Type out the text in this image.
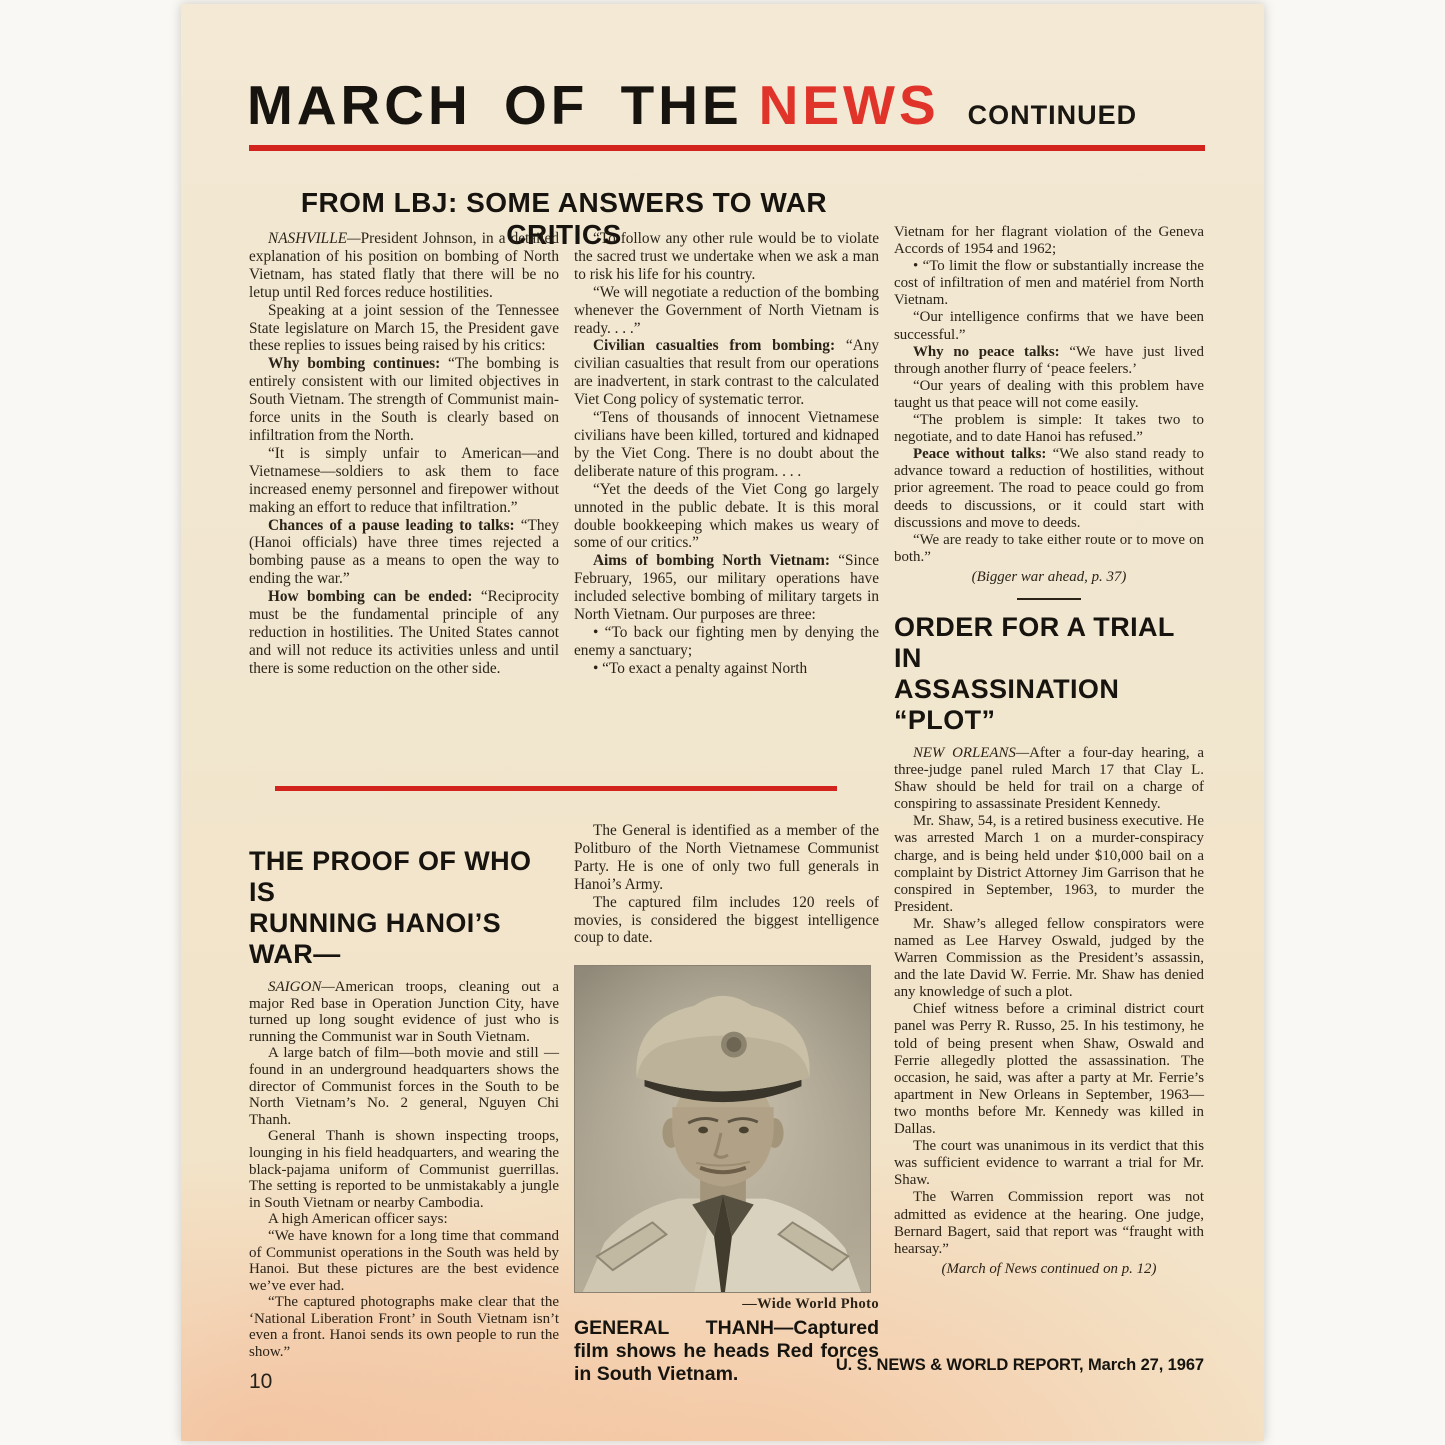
MARCH OF THE NEWS CONTINUED
FROM LBJ: SOME ANSWERS TO WAR CRITICS

NASHVILLE—President Johnson, in a detailed explanation of his position on bombing of North Vietnam, has stated flatly that there will be no letup until Red forces reduce hostilities.

Speaking at a joint session of the Tennessee State legislature on March 15, the President gave these replies to issues being raised by his critics:

Why bombing continues: “The bombing is entirely consistent with our limited objectives in South Vietnam. The strength of Communist main-force units in the South is clearly based on infiltration from the North.

“It is simply unfair to American—and Vietnamese—soldiers to ask them to face increased enemy personnel and firepower without making an effort to reduce that infiltration.”

Chances of a pause leading to talks: “They (Hanoi officials) have three times rejected a bombing pause as a means to open the way to ending the war.”

How bombing can be ended: “Reciprocity must be the fundamental principle of any reduction in hostilities. The United States cannot and will not reduce its activities unless and until there is some reduction on the other side.

“To follow any other rule would be to violate the sacred trust we undertake when we ask a man to risk his life for his country.

“We will negotiate a reduction of the bombing whenever the Government of North Vietnam is ready. . . .”

Civilian casualties from bombing: “Any civilian casualties that result from our operations are inadvertent, in stark contrast to the calculated Viet Cong policy of systematic terror.

“Tens of thousands of innocent Vietnamese civilians have been killed, tortured and kidnaped by the Viet Cong. There is no doubt about the deliberate nature of this program. . . .

“Yet the deeds of the Viet Cong go largely unnoted in the public debate. It is this moral double bookkeeping which makes us weary of some of our critics.”

Aims of bombing North Vietnam: “Since February, 1965, our military operations have included selective bombing of military targets in North Vietnam. Our purposes are three:

• “To back our fighting men by denying the enemy a sanctuary;

• “To exact a penalty against North

Vietnam for her flagrant violation of the Geneva Accords of 1954 and 1962;

• “To limit the flow or substantially increase the cost of infiltration of men and matériel from North Vietnam.

“Our intelligence confirms that we have been successful.”

Why no peace talks: “We have just lived through another flurry of ‘peace feelers.’

“Our years of dealing with this problem have taught us that peace will not come easily.

“The problem is simple: It takes two to negotiate, and to date Hanoi has refused.”

Peace without talks: “We also stand ready to advance toward a reduction of hostilities, without prior agreement. The road to peace could go from deeds to discussions, or it could start with discussions and move to deeds.

“We are ready to take either route or to move on both.”

(Bigger war ahead, p. 37)

ORDER FOR A TRIAL IN
ASSASSINATION “PLOT”

NEW ORLEANS—After a four-day hearing, a three-judge panel ruled March 17 that Clay L. Shaw should be held for trail on a charge of conspiring to assassinate President Kennedy.

Mr. Shaw, 54, is a retired business executive. He was arrested March 1 on a murder-conspiracy charge, and is being held under $10,000 bail on a complaint by District Attorney Jim Garrison that he conspired in September, 1963, to murder the President.

Mr. Shaw’s alleged fellow conspirators were named as Lee Harvey Oswald, judged by the Warren Commission as the President’s assassin, and the late David W. Ferrie. Mr. Shaw has denied any knowledge of such a plot.

Chief witness before a criminal district court panel was Perry R. Russo, 25. In his testimony, he told of being present when Shaw, Oswald and Ferrie allegedly plotted the assassination. The occasion, he said, was after a party at Mr. Ferrie’s apartment in New Orleans in September, 1963—two months before Mr. Kennedy was killed in Dallas.

The court was unanimous in its verdict that this was sufficient evidence to warrant a trial for Mr. Shaw.

The Warren Commission report was not admitted as evidence at the hearing. One judge, Bernard Bagert, said that report was “fraught with hearsay.”

(March of News continued on p. 12)

THE PROOF OF WHO IS
RUNNING HANOI’S WAR—

SAIGON—American troops, cleaning out a major Red base in Operation Junction City, have turned up long sought evidence of just who is running the Communist war in South Vietnam.

A large batch of film—both movie and still — found in an underground headquarters shows the director of Communist forces in the South to be North Vietnam’s No. 2 general, Nguyen Chi Thanh.

General Thanh is shown inspecting troops, lounging in his field headquarters, and wearing the black-pajama uniform of Communist guerrillas. The setting is reported to be unmistakably a jungle in South Vietnam or nearby Cambodia.

A high American officer says:

“We have known for a long time that command of Communist operations in the South was held by Hanoi. But these pictures are the best evidence we’ve ever had.

“The captured photographs make clear that the ‘National Liberation Front’ in South Vietnam isn’t even a front. Hanoi sends its own people to run the show.”

The General is identified as a member of the Politburo of the North Vietnamese Communist Party. He is one of only two full generals in Hanoi’s Army.

The captured film includes 120 reels of movies, is considered the biggest intelligence coup to date.

—Wide World Photo
GENERAL THANH—Captured film shows he heads Red forces in South Vietnam.
10
U. S. NEWS & WORLD REPORT, March 27, 1967
